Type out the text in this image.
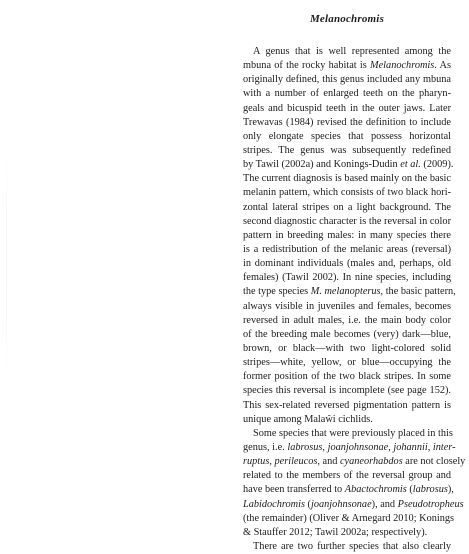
Melanochromis
A genus that is well represented among the
mbuna of the rocky habitat is Melanochromis. As
originally defined, this genus included any mbuna
with a number of enlarged teeth on the pharyn-
geals and bicuspid teeth in the outer jaws. Later
Trewavas (1984) revised the definition to include
only elongate species that possess horizontal
stripes. The genus was subsequently redefined
by Tawil (2002a) and Konings-Dudin et al. (2009).
The current diagnosis is based mainly on the basic
melanin pattern, which consists of two black hori-
zontal lateral stripes on a light background. The
second diagnostic character is the reversal in color
pattern in breeding males: in many species there
is a redistribution of the melanic areas (reversal)
in dominant individuals (males and, perhaps, old
females) (Tawil 2002). In nine species, including
the type species M. melanopterus, the basic pattern,
always visible in juveniles and females, becomes
reversed in adult males, i.e. the main body color
of the breeding male becomes (very) dark—blue,
brown, or black—with two light-colored solid
stripes—white, yellow, or blue—occupying the
former position of the two black stripes. In some
species this reversal is incomplete (see page 152).
This sex-related reversed pigmentation pattern is
unique among Malaŵi cichlids.
Some species that were previously placed in this
genus, i.e. labrosus, joanjohnsonae, johannii, inter-
ruptus, perileucos, and cyaneorhabdos are not closely
related to the members of the reversal group and
have been transferred to Abactochromis (labrosus),
Labidochromis (joanjohnsonae), and Pseudotropheus
(the remainder) (Oliver & Arnegard 2010; Konings
& Stauffer 2012; Tawil 2002a; respectively).
There are two further species that also clearly
